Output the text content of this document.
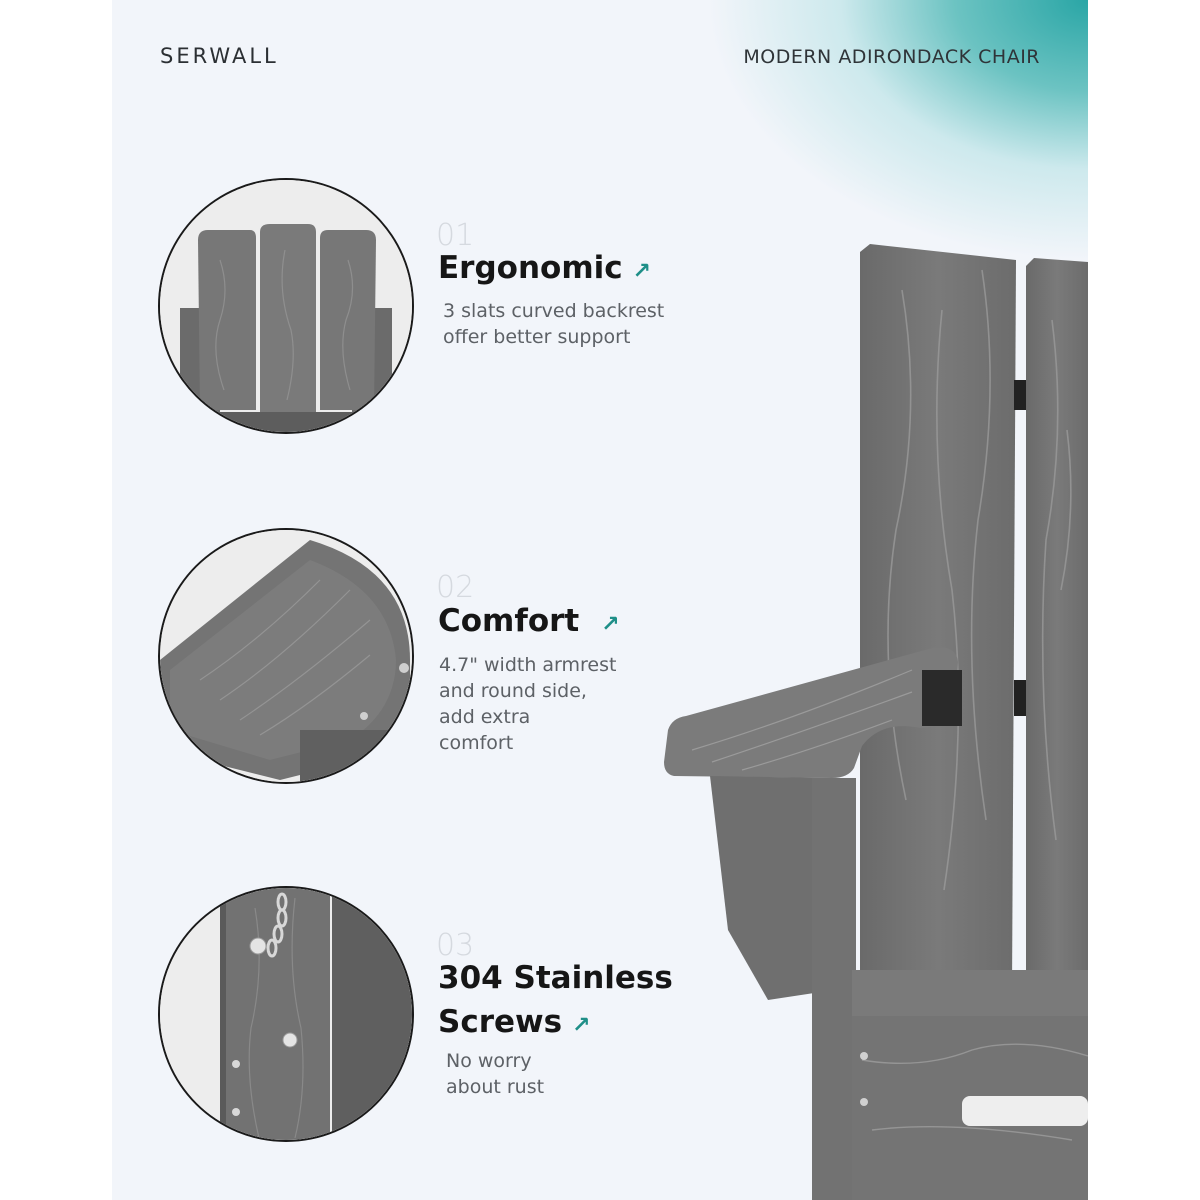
SERWALL	MODERN ADIRONDACK CHAIR
01
Ergonomic ↗
3 slats curved backrest
offer better support
02
Comfort ↗
4.7" width armrest
and round side,
add extra
comfort
03
304 Stainless
Screws ↗
No worry
about rust
